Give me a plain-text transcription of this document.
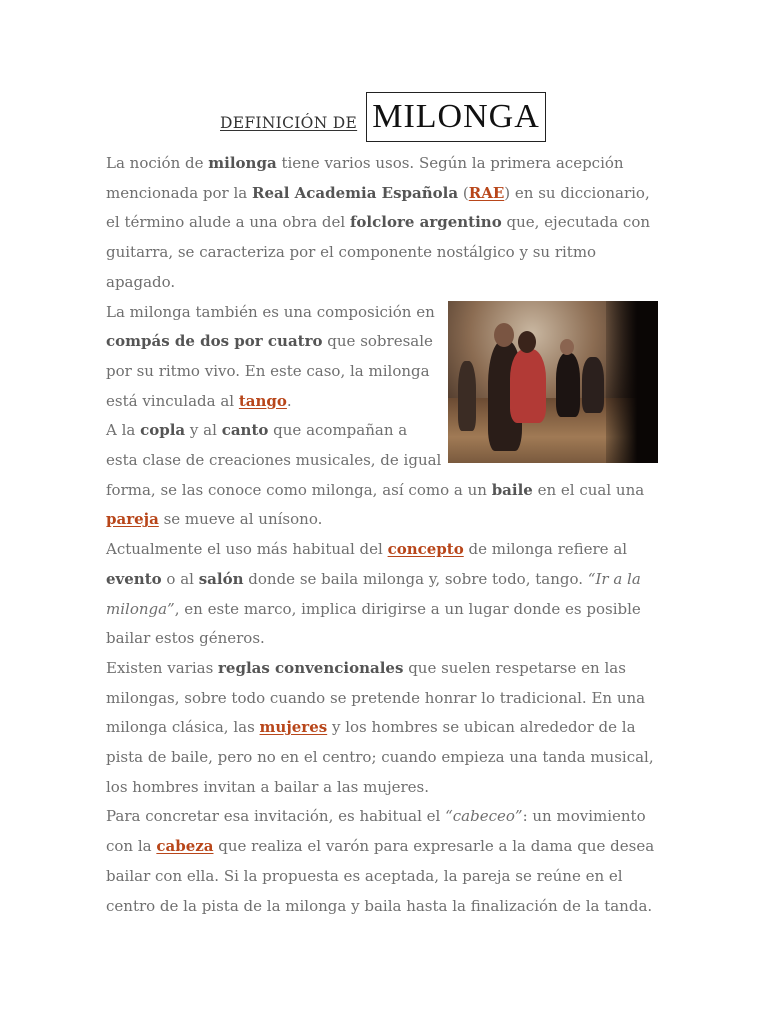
DEFINICIÓN DE MILONGA

La noción de milonga tiene varios usos. Según la primera acepción mencionada por la Real Academia Española (RAE) en su diccionario, el término alude a una obra del folclore argentino que, ejecutada con guitarra, se caracteriza por el componente nostálgico y su ritmo apagado.

La milonga también es una composición en compás de dos por cuatro que sobresale por su ritmo vivo. En este caso, la milonga está vinculada al tango.

A la copla y al canto que acompañan a esta clase de creaciones musicales, de igual forma, se las conoce como milonga, así como a un baile en el cual una pareja se mueve al unísono.

Actualmente el uso más habitual del concepto de milonga refiere al evento o al salón donde se baila milonga y, sobre todo, tango. “Ir a la milonga”, en este marco, implica dirigirse a un lugar donde es posible bailar estos géneros.

Existen varias reglas convencionales que suelen respetarse en las milongas, sobre todo cuando se pretende honrar lo tradicional. En una milonga clásica, las mujeres y los hombres se ubican alrededor de la pista de baile, pero no en el centro; cuando empieza una tanda musical, los hombres invitan a bailar a las mujeres.

Para concretar esa invitación, es habitual el “cabeceo”: un movimiento con la cabeza que realiza el varón para expresarle a la dama que desea bailar con ella. Si la propuesta es aceptada, la pareja se reúne en el centro de la pista de la milonga y baila hasta la finalización de la tanda.
